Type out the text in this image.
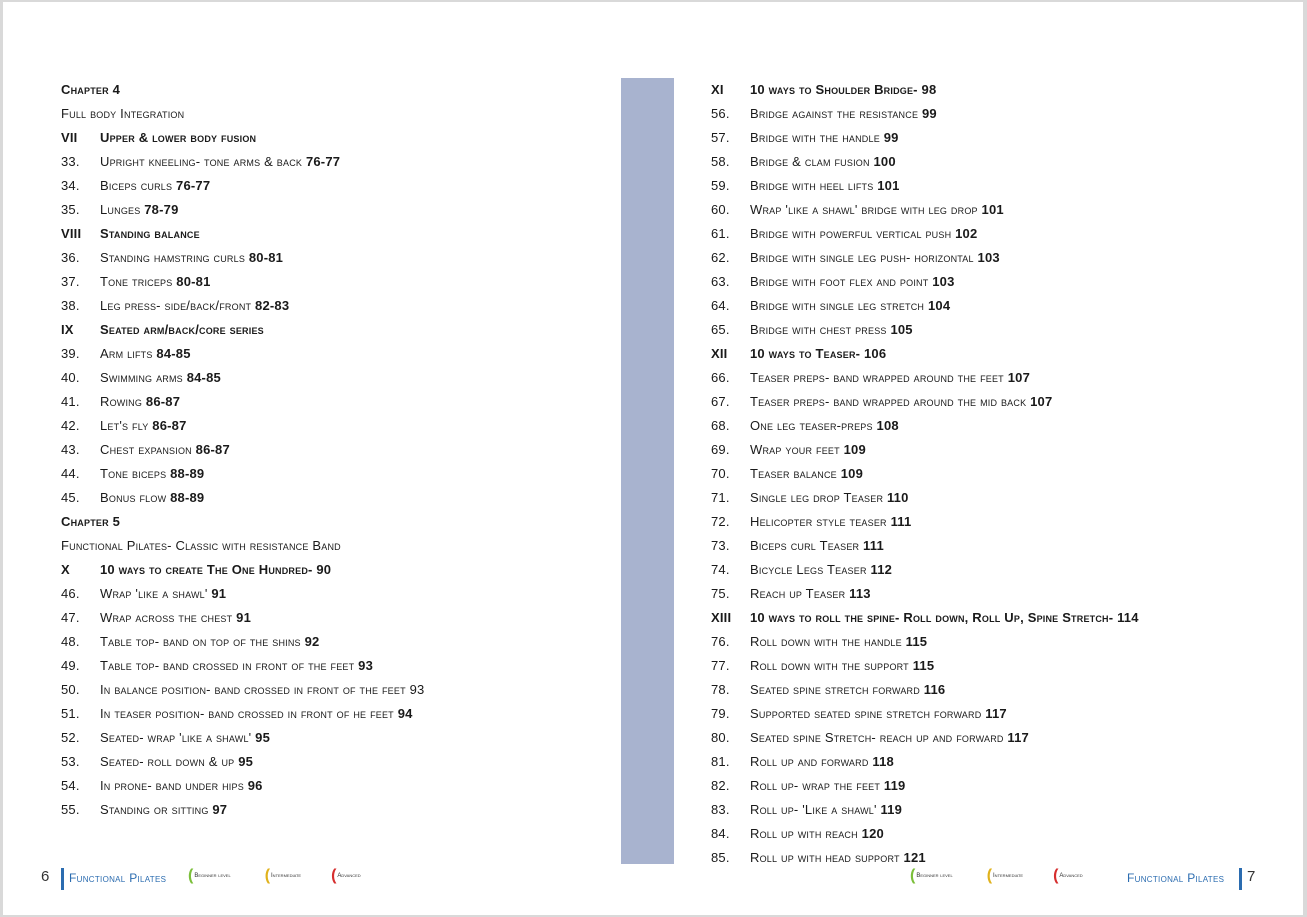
Chapter 4
Full body Integration
VII Upper & lower body fusion
33. Upright kneeling- tone arms & back 76-77
34. Biceps curls 76-77
35. Lunges 78-79
VIII Standing balance
36. Standing hamstring curls 80-81
37. Tone triceps 80-81
38. Leg press- side/back/front 82-83
IX Seated arm/back/core series
39. Arm lifts 84-85
40. Swimming arms 84-85
41. Rowing 86-87
42. Let's fly 86-87
43. Chest expansion 86-87
44. Tone biceps 88-89
45. Bonus flow 88-89
Chapter 5
Functional Pilates- Classic with resistance Band
X 10 ways to create The One Hundred- 90
46. Wrap 'like a shawl' 91
47. Wrap across the chest 91
48. Table top- band on top of the shins 92
49. Table top- band crossed in front of the feet 93
50. In balance position- band crossed in front of the feet 93
51. In teaser position- band crossed in front of he feet 94
52. Seated- wrap 'like a shawl' 95
53. Seated- roll down & up 95
54. In prone- band under hips 96
55. Standing or sitting 97
XI 10 ways to Shoulder Bridge- 98
56. Bridge against the resistance 99
57. Bridge with the handle 99
58. Bridge & clam fusion 100
59. Bridge with heel lifts 101
60. Wrap 'like a shawl' bridge with leg drop 101
61. Bridge with powerful vertical push 102
62. Bridge with single leg push- horizontal 103
63. Bridge with foot flex and point 103
64. Bridge with single leg stretch 104
65. Bridge with chest press 105
XII 10 ways to Teaser- 106
66. Teaser preps- band wrapped around the feet 107
67. Teaser preps- band wrapped around the mid back 107
68. One leg teaser-preps 108
69. Wrap your feet 109
70. Teaser balance 109
71. Single leg drop Teaser 110
72. Helicopter style teaser 111
73. Biceps curl Teaser 111
74. Bicycle Legs Teaser 112
75. Reach up Teaser 113
XIII 10 ways to roll the spine- Roll down, Roll Up, Spine Stretch- 114
76. Roll down with the handle 115
77. Roll down with the support 115
78. Seated spine stretch forward 116
79. Supported seated spine stretch forward 117
80. Seated spine Stretch- reach up and forward 117
81. Roll up and forward 118
82. Roll up- wrap the feet 119
83. Roll up- 'Like a shawl' 119
84. Roll up with reach 120
85. Roll up with head support 121
6 Functional Pilates ( Beginner level ( Intermediate ( Advanced	( Beginner level ( Intermediate ( Advanced	Functional Pilates 7
